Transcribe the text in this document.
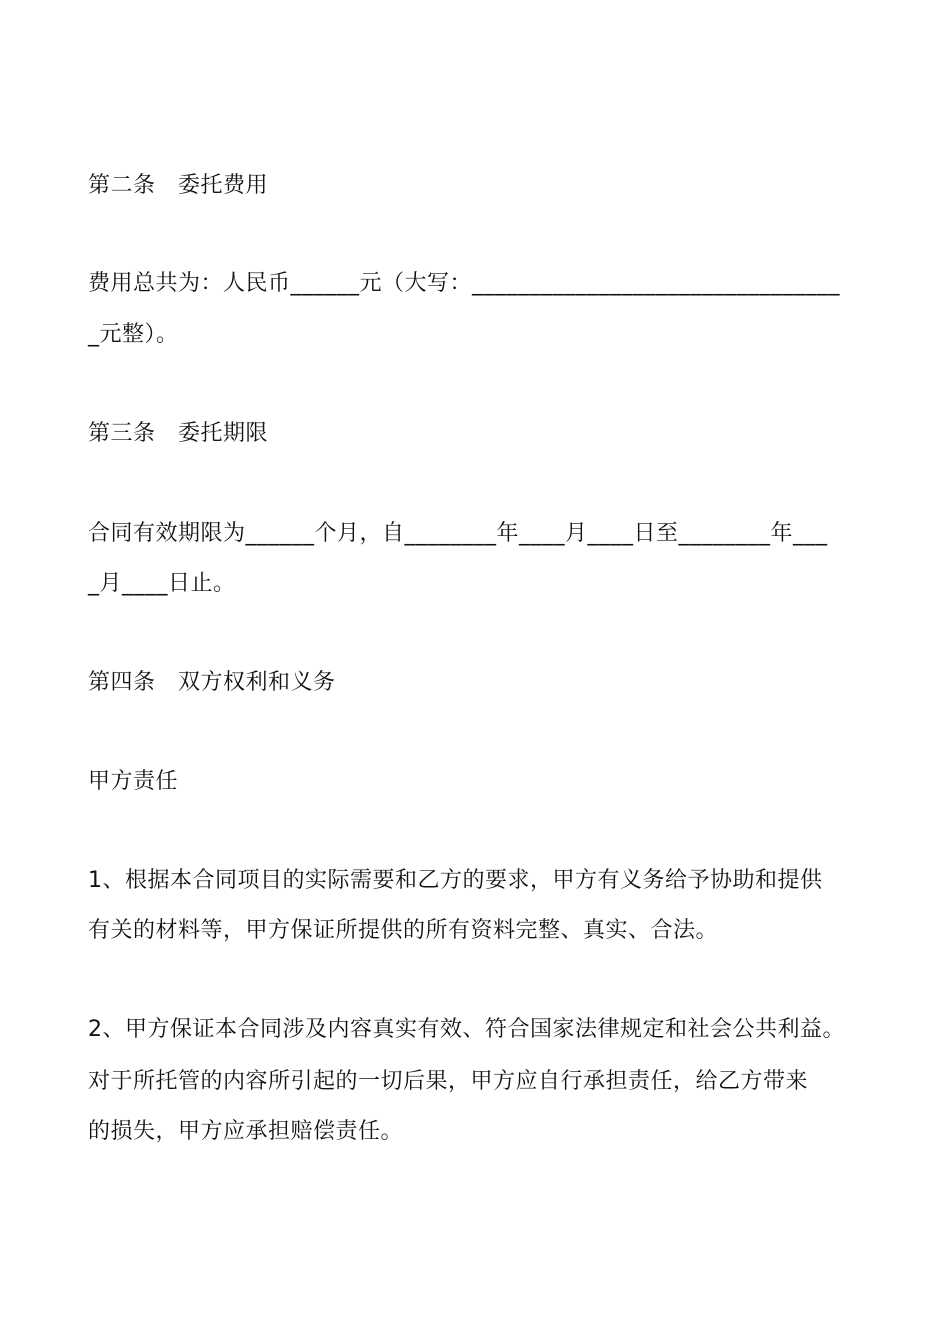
第二条　委托费用
费用总共为：人民币______元（大写：________________________________
_元整）。
第三条　委托期限
合同有效期限为______个月，自________年____月____日至________年___
_月____日止。
第四条　双方权利和义务
甲方责任
1、根据本合同项目的实际需要和乙方的要求，甲方有义务给予协助和提供
有关的材料等，甲方保证所提供的所有资料完整、真实、合法。
2、甲方保证本合同涉及内容真实有效、符合国家法律规定和社会公共利益。
对于所托管的内容所引起的一切后果，甲方应自行承担责任，给乙方带来
的损失，甲方应承担赔偿责任。
